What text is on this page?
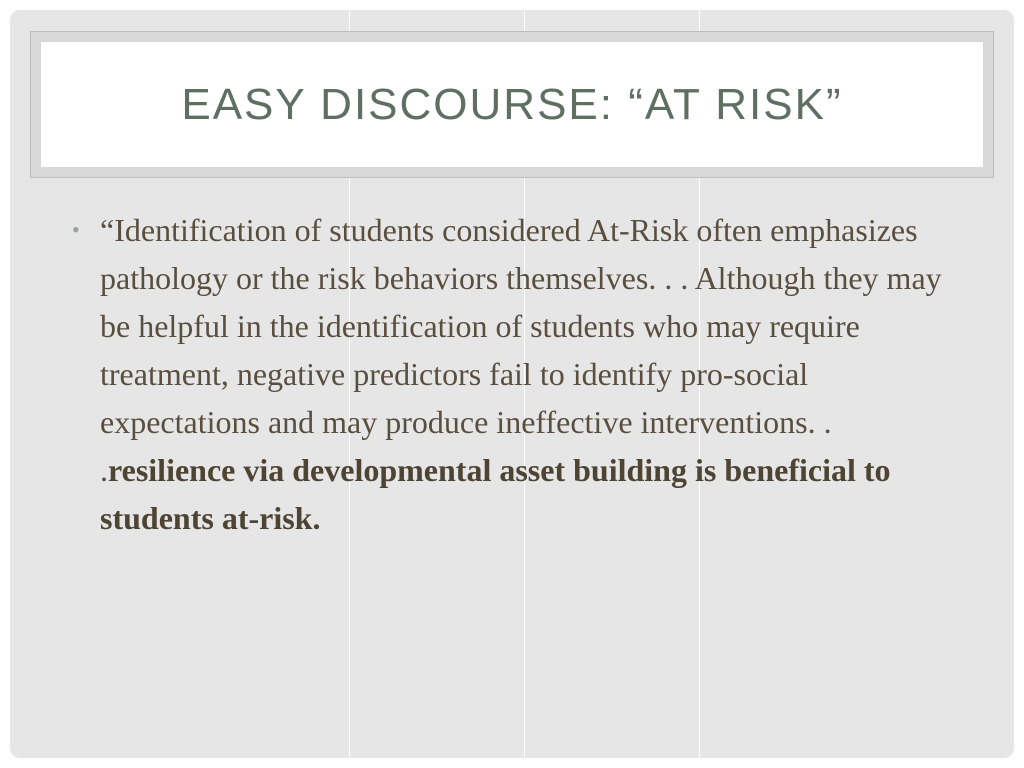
EASY DISCOURSE: “AT RISK”
• “Identification of students considered At-Risk often emphasizes pathology or the risk behaviors themselves. . . Although they may be helpful in the identification of students who may require treatment, negative predictors fail to identify pro-social expectations and may produce ineffective interventions. . .resilience via developmental asset building is beneficial to students at-risk.
